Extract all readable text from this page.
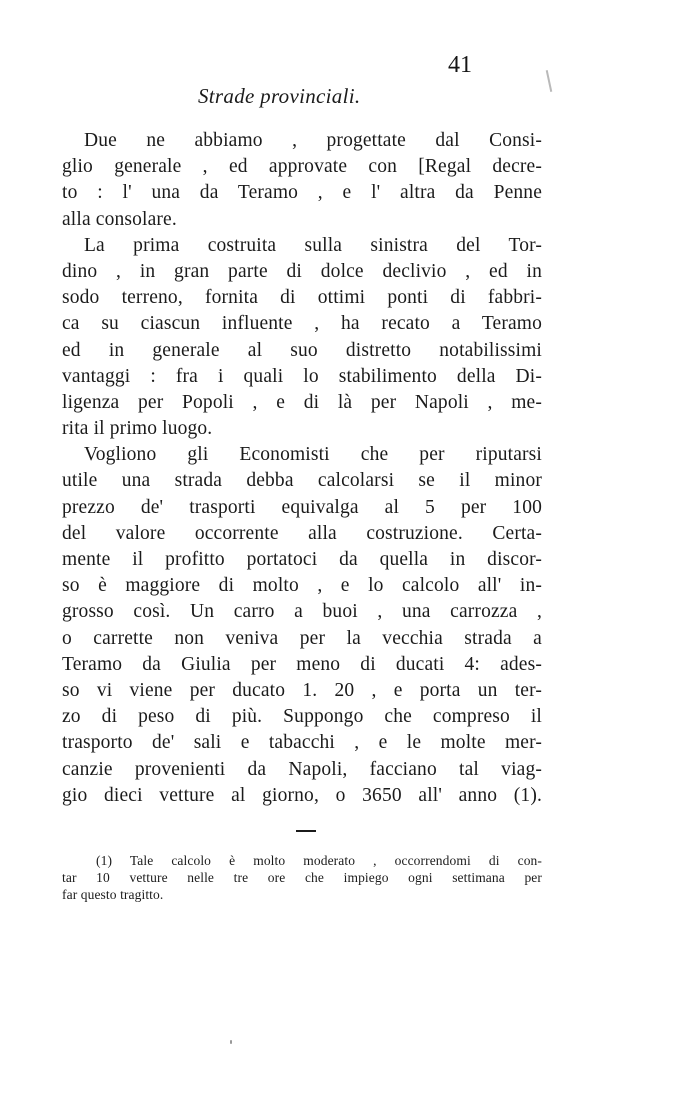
41
Strade provinciali.
Due ne abbiamo , progettate dal Consi-
glio generale , ed approvate con [Regal decre-
to : l' una da Teramo , e l' altra da Penne
alla consolare.
La prima costruita sulla sinistra del Tor-
dino , in gran parte di dolce declivio , ed in
sodo terreno, fornita di ottimi ponti di fabbri-
ca su ciascun influente , ha recato a Teramo
ed in generale al suo distretto notabilissimi
vantaggi : fra i quali lo stabilimento della Di-
ligenza per Popoli , e di là per Napoli , me-
rita il primo luogo.
Vogliono gli Economisti che per riputarsi
utile una strada debba calcolarsi se il minor
prezzo de' trasporti equivalga al 5 per 100
del valore occorrente alla costruzione. Certa-
mente il profitto portatoci da quella in discor-
so è maggiore di molto , e lo calcolo all' in-
grosso così. Un carro a buoi , una carrozza ,
o carrette non veniva per la vecchia strada a
Teramo da Giulia per meno di ducati 4: ades-
so vi viene per ducato 1. 20 , e porta un ter-
zo di peso di più. Suppongo che compreso il
trasporto de' sali e tabacchi , e le molte mer-
canzie provenienti da Napoli, facciano tal viag-
gio dieci vetture al giorno, o 3650 all' anno (1).
(1) Tale calcolo è molto moderato , occorrendomi di con-
tar 10 vetture nelle tre ore che impiego ogni settimana per
far questo tragitto.
